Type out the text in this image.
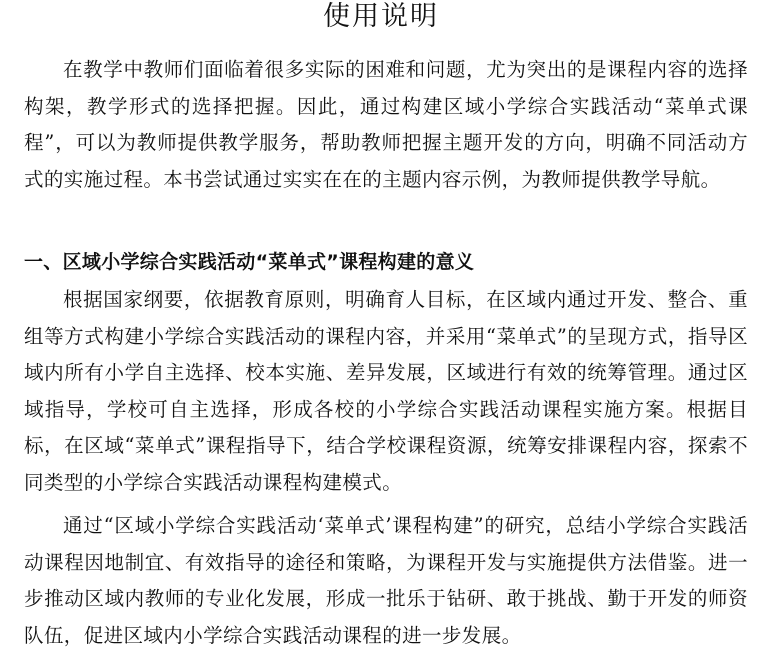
使用说明

在教学中教师们面临着很多实际的困难和问题，尤为突出的是课程内容的选择构架，教学形式的选择把握。因此，通过构建区域小学综合实践活动“菜单式课程”，可以为教师提供教学服务，帮助教师把握主题开发的方向，明确不同活动方式的实施过程。本书尝试通过实实在在的主题内容示例，为教师提供教学导航。

一、区域小学综合实践活动“菜单式”课程构建的意义

根据国家纲要，依据教育原则，明确育人目标，在区域内通过开发、整合、重组等方式构建小学综合实践活动的课程内容，并采用“菜单式”的呈现方式，指导区域内所有小学自主选择、校本实施、差异发展，区域进行有效的统筹管理。通过区域指导，学校可自主选择，形成各校的小学综合实践活动课程实施方案。根据目标，在区域“菜单式”课程指导下，结合学校课程资源，统筹安排课程内容，探索不同类型的小学综合实践活动课程构建模式。

通过“区域小学综合实践活动‘菜单式’课程构建”的研究，总结小学综合实践活动课程因地制宜、有效指导的途径和策略，为课程开发与实施提供方法借鉴。进一步推动区域内教师的专业化发展，形成一批乐于钻研、敢于挑战、勤于开发的师资队伍，促进区域内小学综合实践活动课程的进一步发展。
